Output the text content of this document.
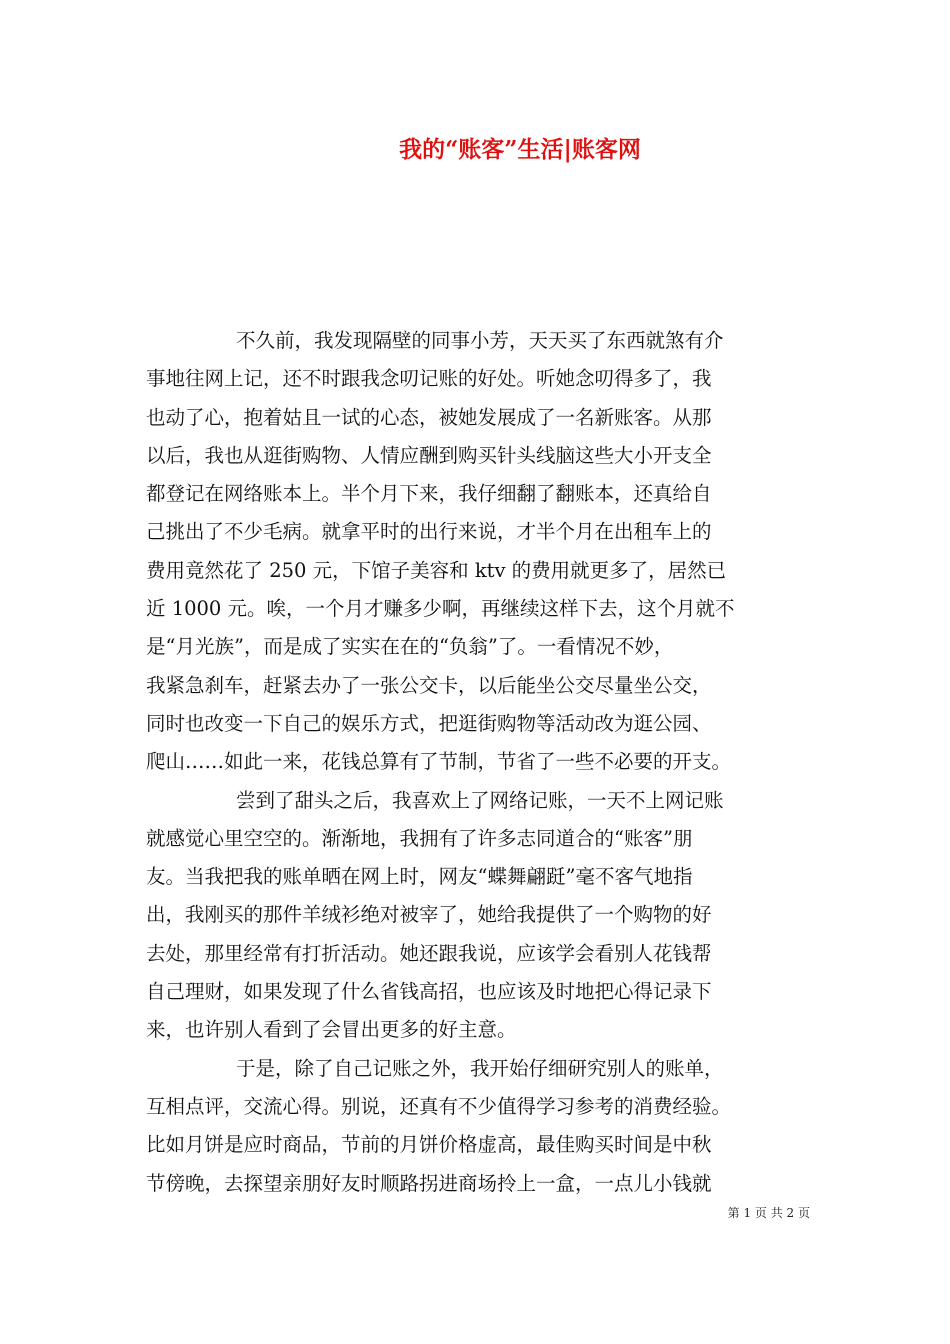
我的“账客”生活|账客网
不久前，我发现隔壁的同事小芳，天天买了东西就煞有介
事地往网上记，还不时跟我念叨记账的好处。听她念叨得多了，我
也动了心，抱着姑且一试的心态，被她发展成了一名新账客。从那
以后，我也从逛街购物、人情应酬到购买针头线脑这些大小开支全
都登记在网络账本上。半个月下来，我仔细翻了翻账本，还真给自
己挑出了不少毛病。就拿平时的出行来说，才半个月在出租车上的
费用竟然花了 250 元，下馆子美容和 ktv 的费用就更多了，居然已
近 1000 元。唉，一个月才赚多少啊，再继续这样下去，这个月就不
是“月光族”，而是成了实实在在的“负翁”了。一看情况不妙，
我紧急刹车，赶紧去办了一张公交卡，以后能坐公交尽量坐公交，
同时也改变一下自己的娱乐方式，把逛街购物等活动改为逛公园、
爬山……如此一来，花钱总算有了节制，节省了一些不必要的开支。
尝到了甜头之后，我喜欢上了网络记账，一天不上网记账
就感觉心里空空的。渐渐地，我拥有了许多志同道合的“账客”朋
友。当我把我的账单晒在网上时，网友“蝶舞翩跹”毫不客气地指
出，我刚买的那件羊绒衫绝对被宰了，她给我提供了一个购物的好
去处，那里经常有打折活动。她还跟我说，应该学会看别人花钱帮
自己理财，如果发现了什么省钱高招，也应该及时地把心得记录下
来，也许别人看到了会冒出更多的好主意。
于是，除了自己记账之外，我开始仔细研究别人的账单，
互相点评，交流心得。别说，还真有不少值得学习参考的消费经验。
比如月饼是应时商品，节前的月饼价格虚高，最佳购买时间是中秋
节傍晚，去探望亲朋好友时顺路拐进商场拎上一盒，一点儿小钱就
第 1 页 共 2 页
